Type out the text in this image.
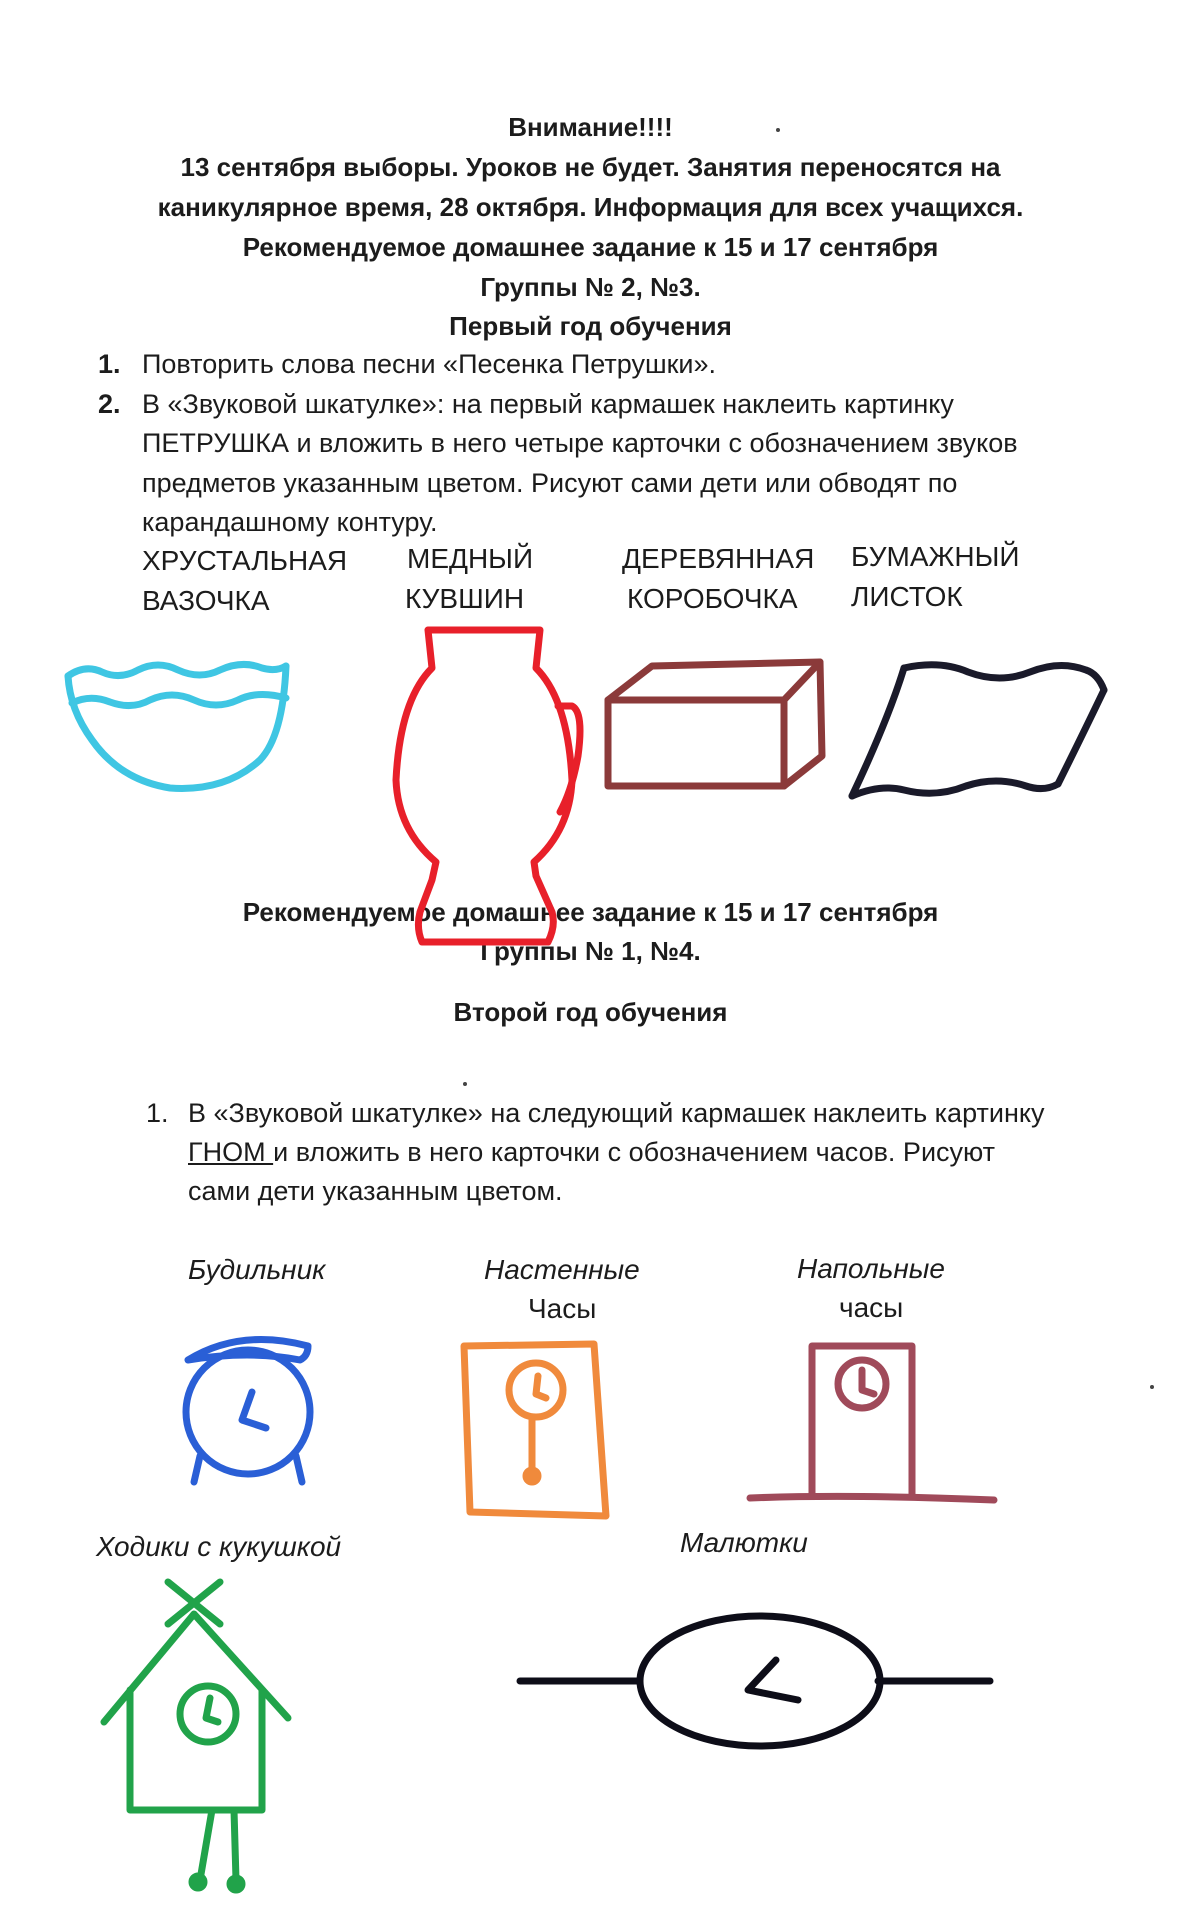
Внимание!!!!
13 сентября выборы. Уроков не будет. Занятия переносятся на
каникулярное время, 28 октября. Информация для всех учащихся.
Рекомендуемое домашнее задание к 15 и 17 сентября
Группы № 2, №3.
Первый год обучения
1. Повторить слова песни «Песенка Петрушки».
2. В «Звуковой шкатулке»: на первый кармашек наклеить картинку
ПЕТРУШКА и вложить в него четыре карточки с обозначением звуков
предметов указанным цветом. Рисуют сами дети или обводят по
карандашному контуру.
ХРУСТАЛЬНАЯ
ВАЗОЧКА
МЕДНЫЙ
КУВШИН
ДЕРЕВЯННАЯ
КОРОБОЧКА
БУМАЖНЫЙ
ЛИСТОК
Рекомендуемое домашнее задание к 15 и 17 сентября
Группы № 1, №4.
Второй год обучения
1. В «Звуковой шкатулке» на следующий кармашек наклеить картинку
ГНОМ и вложить в него карточки с обозначением часов. Рисуют
сами дети указанным цветом.
Будильник	Настенные
Часы
Напольные
часы
Ходики с кукушкой	Малютки
